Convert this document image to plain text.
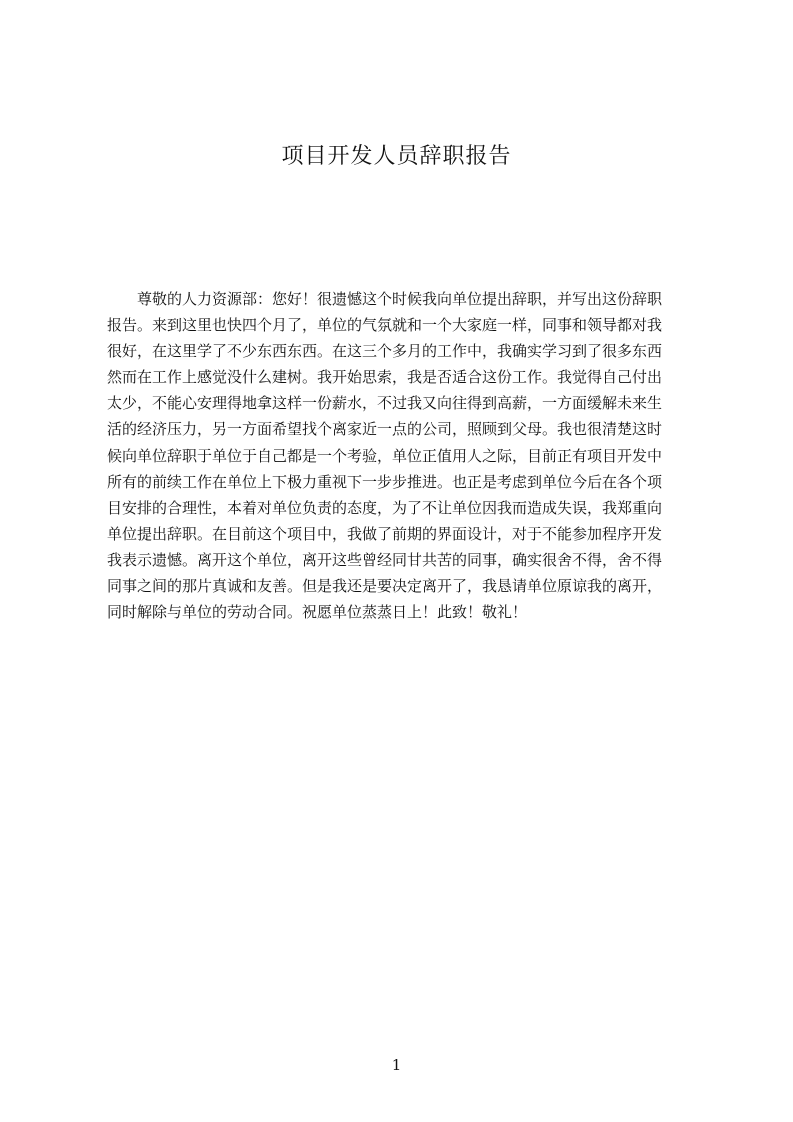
项目开发人员辞职报告
尊敬的人力资源部：您好！很遗憾这个时候我向单位提出辞职，并写出这份辞职
报告。来到这里也快四个月了，单位的气氛就和一个大家庭一样，同事和领导都对我
很好，在这里学了不少东西东西。在这三个多月的工作中，我确实学习到了很多东西
然而在工作上感觉没什么建树。我开始思索，我是否适合这份工作。我觉得自己付出
太少，不能心安理得地拿这样一份薪水，不过我又向往得到高薪，一方面缓解未来生
活的经济压力，另一方面希望找个离家近一点的公司，照顾到父母。我也很清楚这时
候向单位辞职于单位于自己都是一个考验，单位正值用人之际，目前正有项目开发中
所有的前续工作在单位上下极力重视下一步步推进。也正是考虑到单位今后在各个项
目安排的合理性，本着对单位负责的态度，为了不让单位因我而造成失误，我郑重向
单位提出辞职。在目前这个项目中，我做了前期的界面设计，对于不能参加程序开发
我表示遗憾。离开这个单位，离开这些曾经同甘共苦的同事，确实很舍不得，舍不得
同事之间的那片真诚和友善。但是我还是要决定离开了，我恳请单位原谅我的离开，
同时解除与单位的劳动合同。祝愿单位蒸蒸日上！此致！敬礼！
1
